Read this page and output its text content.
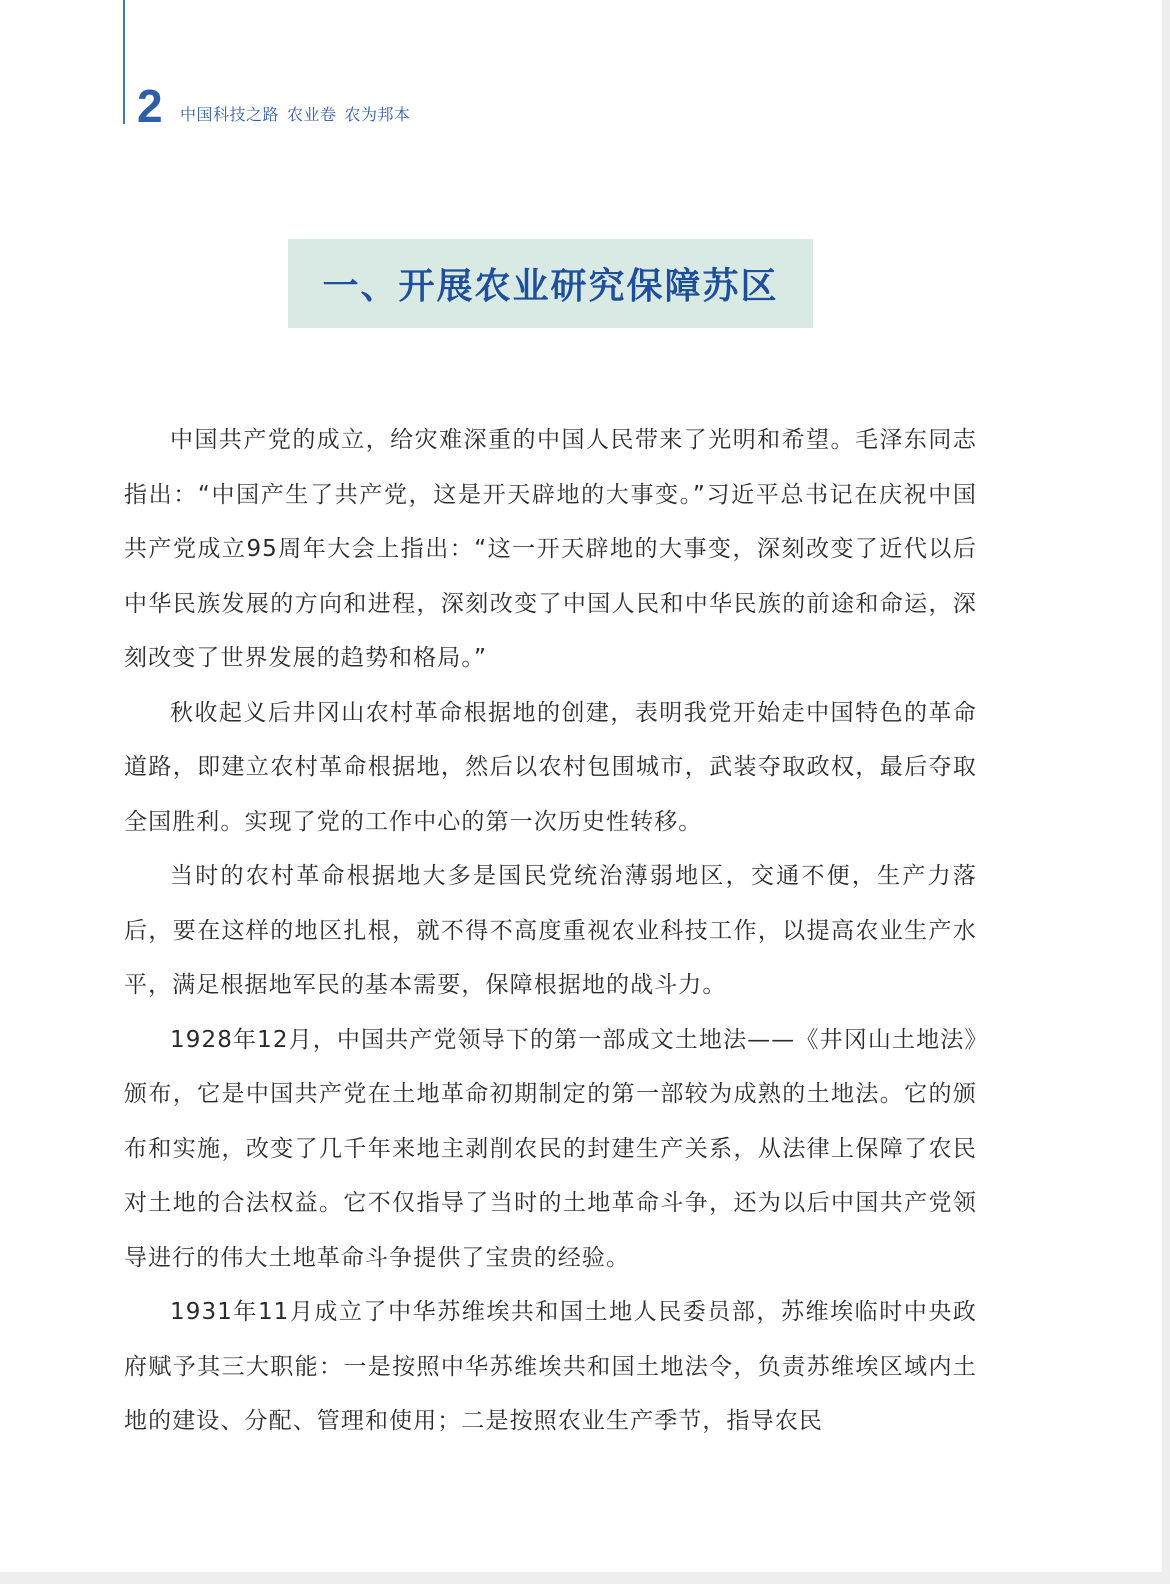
2 中国科技之路 农业卷 农为邦本
一、开展农业研究保障苏区

中国共产党的成立，给灾难深重的中国人民带来了光明和希望。毛泽东同志指出：“中国产生了共产党，这是开天辟地的大事变。”习近平总书记在庆祝中国共产党成立95周年大会上指出：“这一开天辟地的大事变，深刻改变了近代以后中华民族发展的方向和进程，深刻改变了中国人民和中华民族的前途和命运，深刻改变了世界发展的趋势和格局。”

秋收起义后井冈山农村革命根据地的创建，表明我党开始走中国特色的革命道路，即建立农村革命根据地，然后以农村包围城市，武装夺取政权，最后夺取全国胜利。实现了党的工作中心的第一次历史性转移。

当时的农村革命根据地大多是国民党统治薄弱地区，交通不便，生产力落后，要在这样的地区扎根，就不得不高度重视农业科技工作，以提高农业生产水平，满足根据地军民的基本需要，保障根据地的战斗力。

1928年12月，中国共产党领导下的第一部成文土地法——《井冈山土地法》颁布，它是中国共产党在土地革命初期制定的第一部较为成熟的土地法。它的颁布和实施，改变了几千年来地主剥削农民的封建生产关系，从法律上保障了农民对土地的合法权益。它不仅指导了当时的土地革命斗争，还为以后中国共产党领导进行的伟大土地革命斗争提供了宝贵的经验。

1931年11月成立了中华苏维埃共和国土地人民委员部，苏维埃临时中央政府赋予其三大职能：一是按照中华苏维埃共和国土地法令，负责苏维埃区域内土地的建设、分配、管理和使用；二是按照农业生产季节，指导农民
